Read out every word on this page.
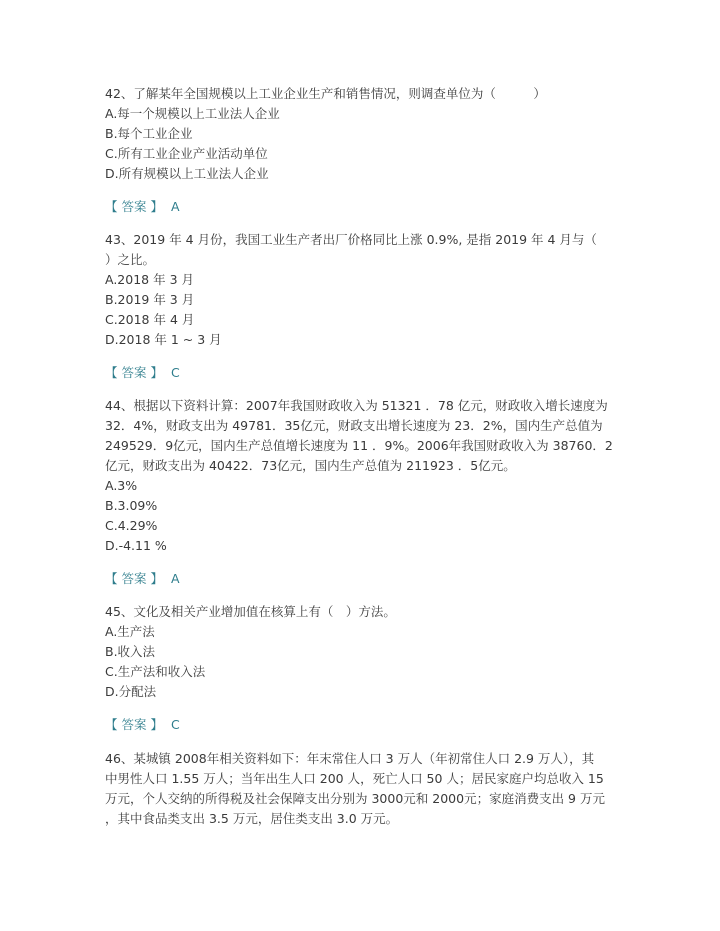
42、了解某年全国规模以上工业企业生产和销售情况，则调查单位为（　　　）
A.每一个规模以上工业法人企业
B.每个工业企业
C.所有工业企业产业活动单位
D.所有规模以上工业法人企业
【 答案 】 A
43、2019 年 4 月份，我国工业生产者出厂价格同比上涨 0.9%, 是指 2019 年 4 月与（
）之比。
A.2018 年 3 月
B.2019 年 3 月
C.2018 年 4 月
D.2018 年 1 ~ 3 月
【 答案 】 C
44、根据以下资料计算：2007年我国财政收入为 51321 ．78 亿元，财政收入增长速度为
32．4%，财政支出为 49781．35亿元，财政支出增长速度为 23．2%，国内生产总值为
249529．9亿元，国内生产总值增长速度为 11 ．9%。2006年我国财政收入为 38760．2
亿元，财政支出为 40422．73亿元，国内生产总值为 211923 ．5亿元。
A.3%
B.3.09%
C.4.29%
D.-4.11 %
【 答案 】 A
45、文化及相关产业增加值在核算上有（　）方法。
A.生产法
B.收入法
C.生产法和收入法
D.分配法
【 答案 】 C
46、某城镇 2008年相关资料如下：年末常住人口 3 万人（年初常住人口 2.9 万人），其
中男性人口 1.55 万人；当年出生人口 200 人，死亡人口 50 人；居民家庭户均总收入 15
万元，个人交纳的所得税及社会保障支出分别为 3000元和 2000元；家庭消费支出 9 万元
，其中食品类支出 3.5 万元，居住类支出 3.0 万元。
